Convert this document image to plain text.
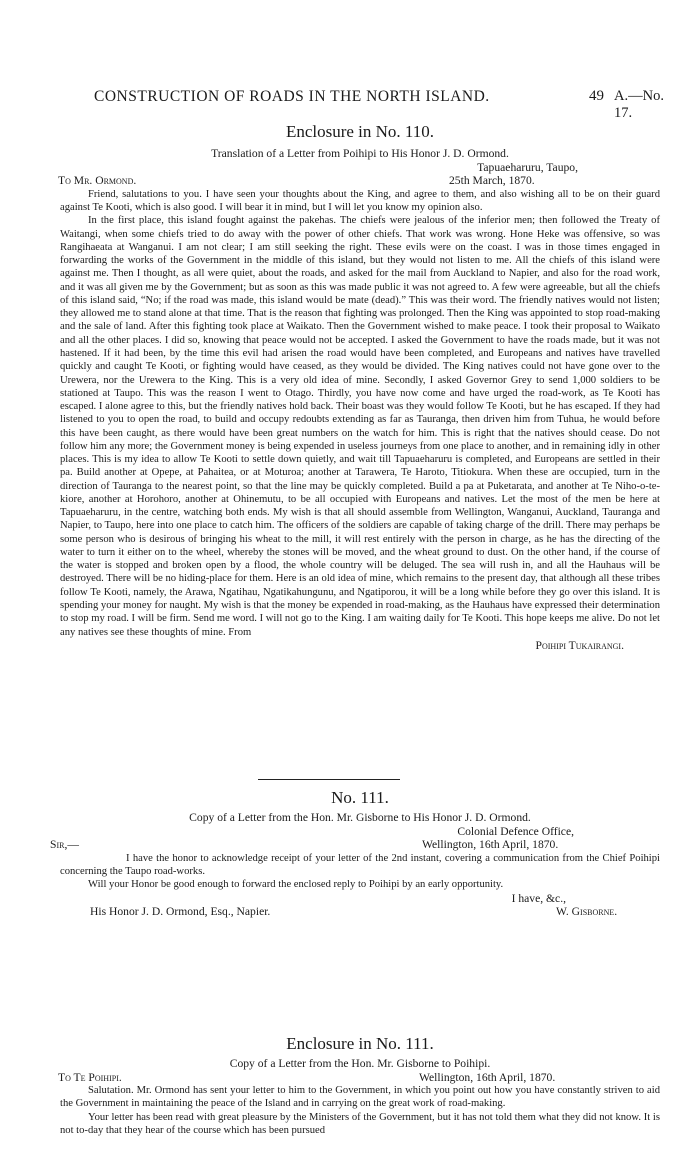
CONSTRUCTION OF ROADS IN THE NORTH ISLAND.	49 A.—No. 17.

Enclosure in No. 110.

Translation of a Letter from Poihipi to His Honor J. D. Ormond.
Tapuaeharuru, Taupo,
To Mr. Ormond.	25th March, 1870.

Friend, salutations to you. I have seen your thoughts about the King, and agree to them, and also wishing all to be on their guard against Te Kooti, which is also good. I will bear it in mind, but I will let you know my opinion also.

In the first place, this island fought against the pakehas. The chiefs were jealous of the inferior men; then followed the Treaty of Waitangi, when some chiefs tried to do away with the power of other chiefs. That work was wrong. Hone Heke was offensive, so was Rangihaeata at Wanganui. I am not clear; I am still seeking the right. These evils were on the coast. I was in those times engaged in forwarding the works of the Government in the middle of this island, but they would not listen to me. All the chiefs of this island were against me. Then I thought, as all were quiet, about the roads, and asked for the mail from Auckland to Napier, and also for the road work, and it was all given me by the Government; but as soon as this was made public it was not agreed to. A few were agreeable, but all the chiefs of this island said, “No; if the road was made, this island would be mate (dead).” This was their word. The friendly natives would not listen; they allowed me to stand alone at that time. That is the reason that fighting was prolonged. Then the King was appointed to stop road-making and the sale of land. After this fighting took place at Waikato. Then the Government wished to make peace. I took their proposal to Waikato and all the other places. I did so, knowing that peace would not be accepted. I asked the Government to have the roads made, but it was not hastened. If it had been, by the time this evil had arisen the road would have been completed, and Europeans and natives have travelled quickly and caught Te Kooti, or fighting would have ceased, as they would be divided. The King natives could not have gone over to the Urewera, nor the Urewera to the King. This is a very old idea of mine. Secondly, I asked Governor Grey to send 1,000 soldiers to be stationed at Taupo. This was the reason I went to Otago. Thirdly, you have now come and have urged the road-work, as Te Kooti has escaped. I alone agree to this, but the friendly natives hold back. Their boast was they would follow Te Kooti, but he has escaped. If they had listened to you to open the road, to build and occupy redoubts extending as far as Tauranga, then driven him from Tuhua, he would before this have been caught, as there would have been great numbers on the watch for him. This is right that the natives should cease. Do not follow him any more; the Government money is being expended in useless journeys from one place to another, and in remaining idly in other places. This is my idea to allow Te Kooti to settle down quietly, and wait till Tapuaeharuru is completed, and Europeans are settled in their pa. Build another at Opepe, at Pahaitea, or at Moturoa; another at Tarawera, Te Haroto, Titiokura. When these are occupied, turn in the direction of Tauranga to the nearest point, so that the line may be quickly completed. Build a pa at Puketarata, and another at Te Niho-o-te-kiore, another at Horohoro, another at Ohinemutu, to be all occupied with Europeans and natives. Let the most of the men be here at Tapuaeharuru, in the centre, watching both ends. My wish is that all should assemble from Wellington, Wanganui, Auckland, Tauranga and Napier, to Taupo, here into one place to catch him. The officers of the soldiers are capable of taking charge of the drill. There may perhaps be some person who is desirous of bringing his wheat to the mill, it will rest entirely with the person in charge, as he has the directing of the water to turn it either on to the wheel, whereby the stones will be moved, and the wheat ground to dust. On the other hand, if the course of the water is stopped and broken open by a flood, the whole country will be deluged. The sea will rush in, and all the Hauhaus will be destroyed. There will be no hiding-place for them. Here is an old idea of mine, which remains to the present day, that although all these tribes follow Te Kooti, namely, the Arawa, Ngatihau, Ngatikahungunu, and Ngatiporou, it will be a long while before they go over this island. It is spending your money for naught. My wish is that the money be expended in road-making, as the Hauhaus have expressed their determination to stop my road. I will be firm. Send me word. I will not go to the King. I am waiting daily for Te Kooti. This hope keeps me alive. Do not let any natives see these thoughts of mine. From

Poihipi Tukairangi.

No. 111.

Copy of a Letter from the Hon. Mr. Gisborne to His Honor J. D. Ormond.
Colonial Defence Office,
Sir,—	Wellington, 16th April, 1870.

I have the honor to acknowledge receipt of your letter of the 2nd instant, covering a communication from the Chief Poihipi concerning the Taupo road-works.

Will your Honor be good enough to forward the enclosed reply to Poihipi by an early opportunity.

I have, &c.,
His Honor J. D. Ormond, Esq., Napier.	W. Gisborne.

Enclosure in No. 111.

Copy of a Letter from the Hon. Mr. Gisborne to Poihipi.
To Te Poihipi.	Wellington, 16th April, 1870.

Salutation. Mr. Ormond has sent your letter to him to the Government, in which you point out how you have constantly striven to aid the Government in maintaining the peace of the Island and in carrying on the great work of road-making.

Your letter has been read with great pleasure by the Ministers of the Government, but it has not told them what they did not know. It is not to-day that they hear of the course which has been pursued
